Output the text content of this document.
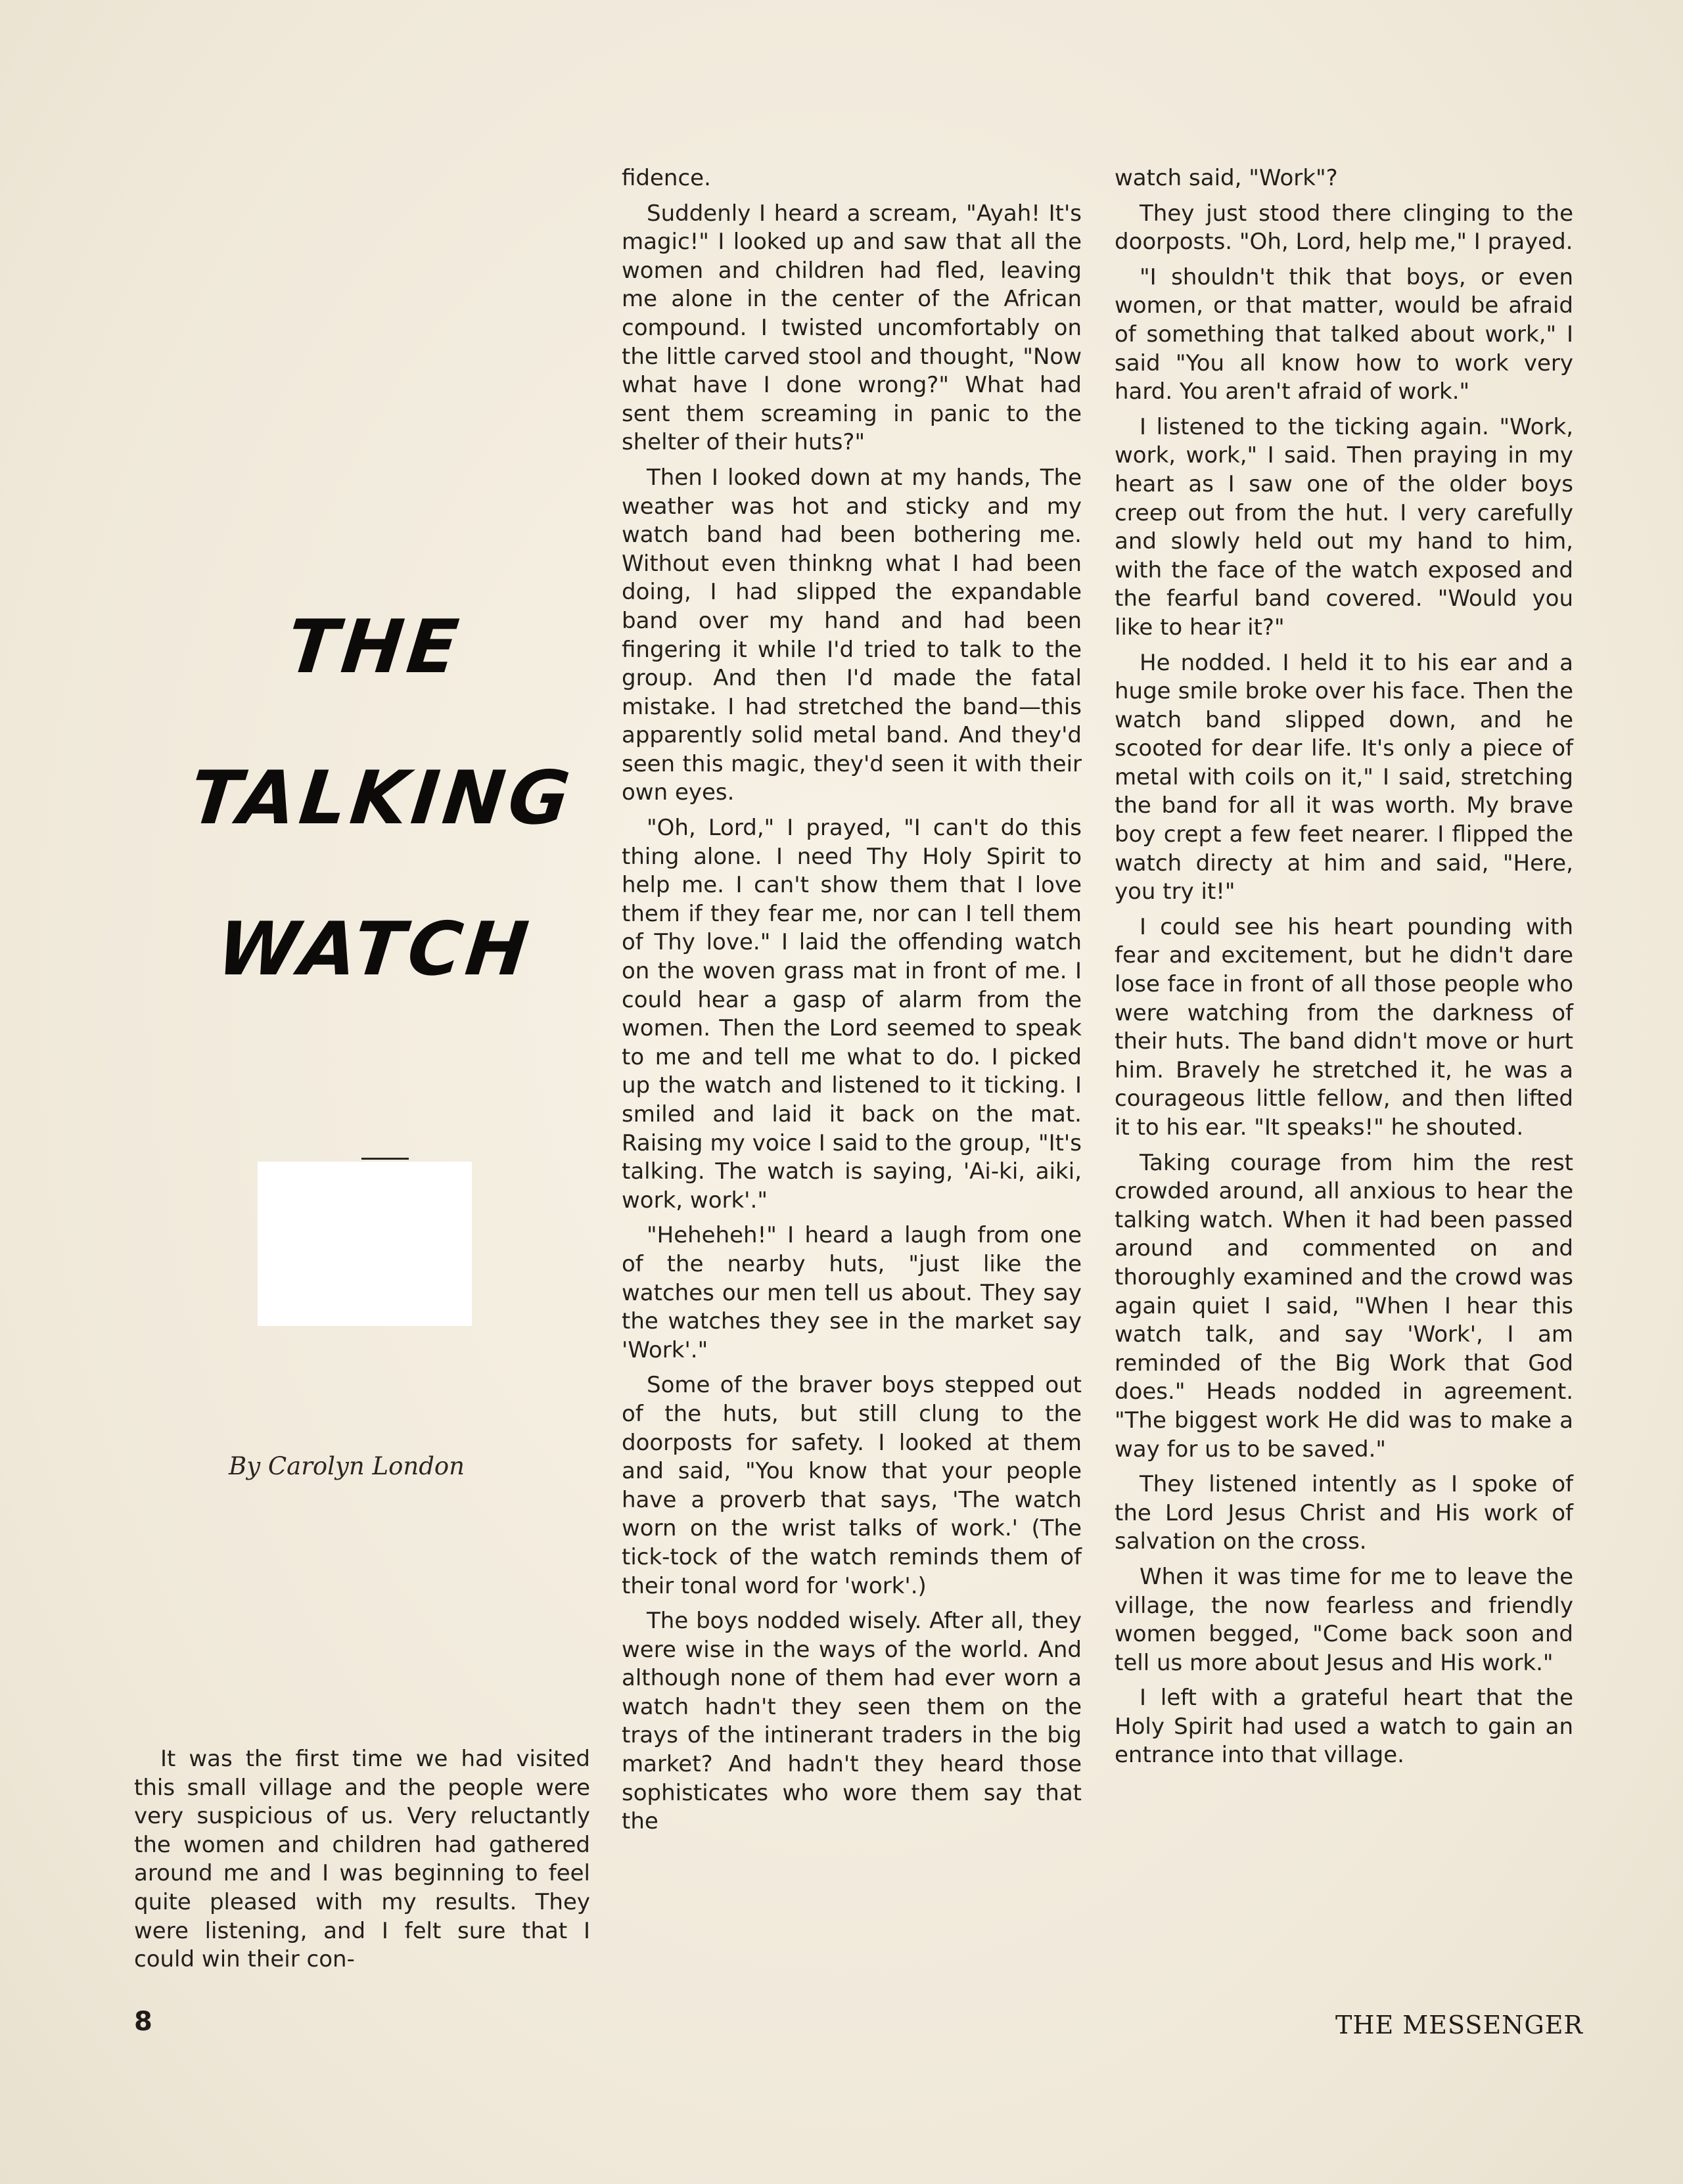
THE
TALKING
WATCH
By Carolyn London

It was the first time we had visited this small village and the people were very suspicious of us. Very reluctantly the women and children had gathered around me and I was beginning to feel quite pleased with my results. They were listening, and I felt sure that I could win their con-

fidence.

Suddenly I heard a scream, "Ayah! It's magic!" I looked up and saw that all the women and children had fled, leaving me alone in the center of the African compound. I twisted uncomfortably on the little carved stool and thought, "Now what have I done wrong?" What had sent them screaming in panic to the shelter of their huts?"

Then I looked down at my hands, The weather was hot and sticky and my watch band had been bothering me. Without even thinkng what I had been doing, I had slipped the expandable band over my hand and had been fingering it while I'd tried to talk to the group. And then I'd made the fatal mistake. I had stretched the band—this apparently solid metal band. And they'd seen this magic, they'd seen it with their own eyes.

"Oh, Lord," I prayed, "I can't do this thing alone. I need Thy Holy Spirit to help me. I can't show them that I love them if they fear me, nor can I tell them of Thy love." I laid the offending watch on the woven grass mat in front of me. I could hear a gasp of alarm from the women. Then the Lord seemed to speak to me and tell me what to do. I picked up the watch and listened to it ticking. I smiled and laid it back on the mat. Raising my voice I said to the group, "It's talking. The watch is saying, 'Ai-ki, aiki, work, work'."

"Heheheh!" I heard a laugh from one of the nearby huts, "just like the watches our men tell us about. They say the watches they see in the market say 'Work'."

Some of the braver boys stepped out of the huts, but still clung to the doorposts for safety. I looked at them and said, "You know that your people have a proverb that says, 'The watch worn on the wrist talks of work.' (The tick-tock of the watch reminds them of their tonal word for 'work'.)

The boys nodded wisely. After all, they were wise in the ways of the world. And although none of them had ever worn a watch hadn't they seen them on the trays of the intinerant traders in the big market? And hadn't they heard those sophisticates who wore them say that the

watch said, "Work"?

They just stood there clinging to the doorposts. "Oh, Lord, help me," I prayed.

"I shouldn't thik that boys, or even women, or that matter, would be afraid of something that talked about work," I said "You all know how to work very hard. You aren't afraid of work."

I listened to the ticking again. "Work, work, work," I said. Then praying in my heart as I saw one of the older boys creep out from the hut. I very carefully and slowly held out my hand to him, with the face of the watch exposed and the fearful band covered. "Would you like to hear it?"

He nodded. I held it to his ear and a huge smile broke over his face. Then the watch band slipped down, and he scooted for dear life. It's only a piece of metal with coils on it," I said, stretching the band for all it was worth. My brave boy crept a few feet nearer. I flipped the watch directy at him and said, "Here, you try it!"

I could see his heart pounding with fear and excitement, but he didn't dare lose face in front of all those people who were watching from the darkness of their huts. The band didn't move or hurt him. Bravely he stretched it, he was a courageous little fellow, and then lifted it to his ear. "It speaks!" he shouted.

Taking courage from him the rest crowded around, all anxious to hear the talking watch. When it had been passed around and commented on and thoroughly examined and the crowd was again quiet I said, "When I hear this watch talk, and say 'Work', I am reminded of the Big Work that God does." Heads nodded in agreement. "The biggest work He did was to make a way for us to be saved."

They listened intently as I spoke of the Lord Jesus Christ and His work of salvation on the cross.

When it was time for me to leave the village, the now fearless and friendly women begged, "Come back soon and tell us more about Jesus and His work."

I left with a grateful heart that the Holy Spirit had used a watch to gain an entrance into that village.

8	THE MESSENGER
